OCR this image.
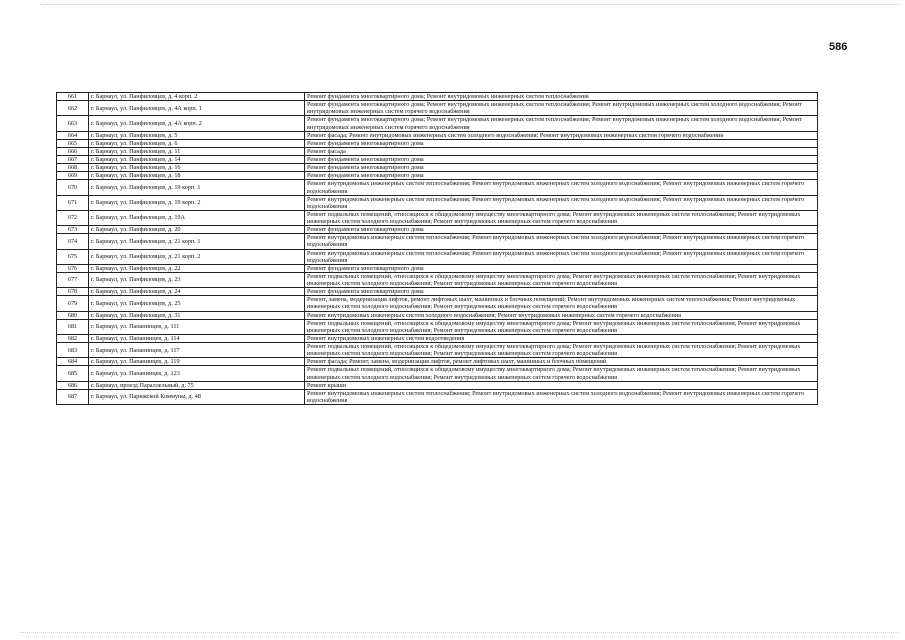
586
661	г. Барнаул, ул. Панфиловцев, д. 4 корп. 2	Ремонт фундамента многоквартирного дома; Ремонт внутридомовых инженерных систем теплоснабжения
662	г. Барнаул, ул. Панфиловцев, д. 4А корп. 1	Ремонт фундамента многоквартирного дома; Ремонт внутридомовых инженерных систем теплоснабжения; Ремонт внутридомовых инженерных систем холодного водоснабжения; Ремонт внутридомовых инженерных систем горячего водоснабжения
663	г. Барнаул, ул. Панфиловцев, д. 4А корп. 2	Ремонт фундамента многоквартирного дома; Ремонт внутридомовых инженерных систем теплоснабжения; Ремонт внутридомовых инженерных систем холодного водоснабжения; Ремонт внутридомовых инженерных систем горячего водоснабжения
664	г. Барнаул, ул. Панфиловцев, д. 5	Ремонт фасада; Ремонт внутридомовых инженерных систем холодного водоснабжения; Ремонт внутридомовых инженерных систем горячего водоснабжения
665	г. Барнаул, ул. Панфиловцев, д. 6	Ремонт фундамента многоквартирного дома
666	г. Барнаул, ул. Панфиловцев, д. 11	Ремонт фасада
667	г. Барнаул, ул. Панфиловцев, д. 14	Ремонт фундамента многоквартирного дома
668	г. Барнаул, ул. Панфиловцев, д. 16	Ремонт фундамента многоквартирного дома
669	г. Барнаул, ул. Панфиловцев, д. 18	Ремонт фундамента многоквартирного дома
670	г. Барнаул, ул. Панфиловцев, д. 19 корп. 1	Ремонт внутридомовых инженерных систем теплоснабжения; Ремонт внутридомовых инженерных систем холодного водоснабжения; Ремонт внутридомовых инженерных систем горячего водоснабжения
671	г. Барнаул, ул. Панфиловцев, д. 19 корп. 2	Ремонт внутридомовых инженерных систем теплоснабжения; Ремонт внутридомовых инженерных систем холодного водоснабжения; Ремонт внутридомовых инженерных систем горячего водоснабжения
672	г. Барнаул, ул. Панфиловцев, д. 19А	Ремонт подвальных помещений, относящихся к общедомовому имуществу многоквартирного дома; Ремонт внутридомовых инженерных систем теплоснабжения; Ремонт внутридомовых инженерных систем холодного водоснабжения; Ремонт внутридомовых инженерных систем горячего водоснабжения
673	г. Барнаул, ул. Панфиловцев, д. 20	Ремонт фундамента многоквартирного дома
674	г. Барнаул, ул. Панфиловцев, д. 21 корп. 1	Ремонт внутридомовых инженерных систем теплоснабжения; Ремонт внутридомовых инженерных систем холодного водоснабжения; Ремонт внутридомовых инженерных систем горячего водоснабжения
675	г. Барнаул, ул. Панфиловцев, д. 21 корп. 2	Ремонт внутридомовых инженерных систем теплоснабжения; Ремонт внутридомовых инженерных систем холодного водоснабжения; Ремонт внутридомовых инженерных систем горячего водоснабжения
676	г. Барнаул, ул. Панфиловцев, д. 22	Ремонт фундамента многоквартирного дома
677	г. Барнаул, ул. Панфиловцев, д. 23	Ремонт подвальных помещений, относящихся к общедомовому имуществу многоквартирного дома; Ремонт внутридомовых инженерных систем теплоснабжения; Ремонт внутридомовых инженерных систем холодного водоснабжения; Ремонт внутридомовых инженерных систем горячего водоснабжения
678	г. Барнаул, ул. Панфиловцев, д. 24	Ремонт фундамента многоквартирного дома
679	г. Барнаул, ул. Панфиловцев, д. 25	Ремонт, замена, модернизация лифтов, ремонт лифтовых шахт, машинных и блочных помещений; Ремонт внутридомовых инженерных систем теплоснабжения; Ремонт внутридомовых инженерных систем холодного водоснабжения; Ремонт внутридомовых инженерных систем горячего водоснабжения
680	г. Барнаул, ул. Панфиловцев, д. 31	Ремонт внутридомовых инженерных систем холодного водоснабжения; Ремонт внутридомовых инженерных систем горячего водоснабжения
681	г. Барнаул, ул. Папанинцев, д. 111	Ремонт подвальных помещений, относящихся к общедомовому имуществу многоквартирного дома; Ремонт внутридомовых инженерных систем теплоснабжения; Ремонт внутридомовых инженерных систем холодного водоснабжения; Ремонт внутридомовых инженерных систем горячего водоснабжения
682	г. Барнаул, ул. Папанинцев, д. 114	Ремонт внутридомовых инженерных систем водоотведения
683	г. Барнаул, ул. Папанинцев, д. 117	Ремонт подвальных помещений, относящихся к общедомовому имуществу многоквартирного дома; Ремонт внутридомовых инженерных систем теплоснабжения; Ремонт внутридомовых инженерных систем холодного водоснабжения; Ремонт внутридомовых инженерных систем горячего водоснабжения
684	г. Барнаул, ул. Папанинцев, д. 119	Ремонт фасада; Ремонт, замена, модернизация лифтов, ремонт лифтовых шахт, машинных и блочных помещений
685	г. Барнаул, ул. Папанинцев, д. 123	Ремонт подвальных помещений, относящихся к общедомовому имуществу многоквартирного дома; Ремонт внутридомовых инженерных систем теплоснабжения; Ремонт внутридомовых инженерных систем холодного водоснабжения; Ремонт внутридомовых инженерных систем горячего водоснабжения
686	г. Барнаул, проезд Параллельный, д. 75	Ремонт крыши
687	г. Барнаул, ул. Парижской Коммуны, д. 48	Ремонт внутридомовых инженерных систем теплоснабжения; Ремонт внутридомовых инженерных систем холодного водоснабжения; Ремонт внутридомовых инженерных систем горячего водоснабжения
